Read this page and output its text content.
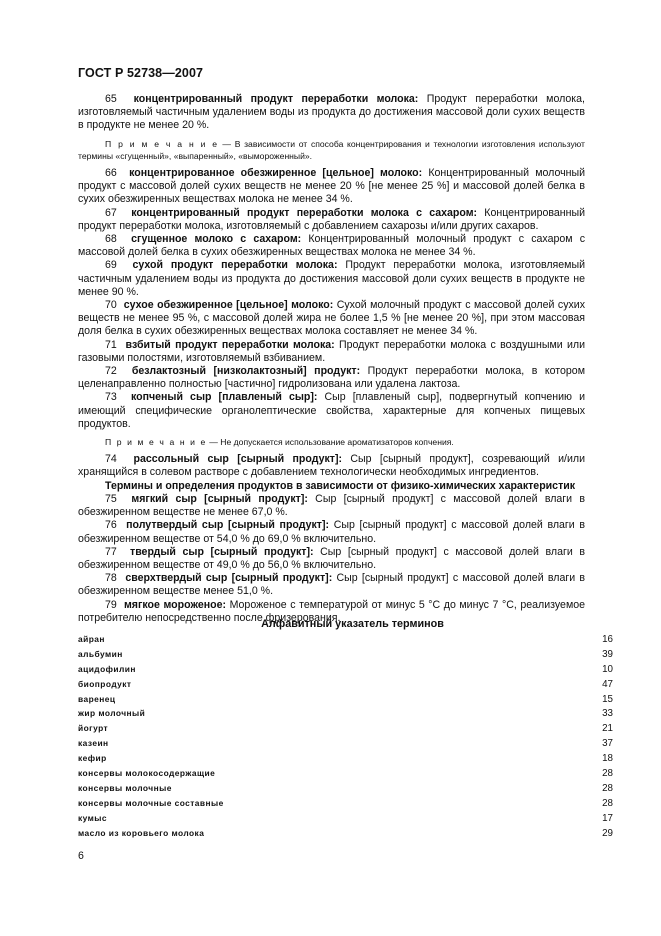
ГОСТ Р 52738—2007

65 концентрированный продукт переработки молока: Продукт переработки молока, изготовляемый частичным удалением воды из продукта до достижения массовой доли сухих веществ в продукте не менее 20 %.

П р и м е ч а н и е — В зависимости от способа концентрирования и технологии изготовления используют термины «сгущенный», «выпаренный», «вымороженный».

66 концентрированное обезжиренное [цельное] молоко: Концентрированный молочный продукт с массовой долей сухих веществ не менее 20 % [не менее 25 %] и массовой долей белка в сухих обезжиренных веществах молока не менее 34 %.

67 концентрированный продукт переработки молока с сахаром: Концентрированный продукт переработки молока, изготовляемый с добавлением сахарозы и/или других сахаров.

68 сгущенное молоко с сахаром: Концентрированный молочный продукт с сахаром с массовой долей белка в сухих обезжиренных веществах молока не менее 34 %.

69 сухой продукт переработки молока: Продукт переработки молока, изготовляемый частичным удалением воды из продукта до достижения массовой доли сухих веществ в продукте не менее 90 %.

70 сухое обезжиренное [цельное] молоко: Сухой молочный продукт с массовой долей сухих веществ не менее 95 %, с массовой долей жира не более 1,5 % [не менее 20 %], при этом массовая доля белка в сухих обезжиренных веществах молока составляет не менее 34 %.

71 взбитый продукт переработки молока: Продукт переработки молока с воздушными или газовыми полостями, изготовляемый взбиванием.

72 безлактозный [низколактозный] продукт: Продукт переработки молока, в котором целенаправленно полностью [частично] гидролизована или удалена лактоза.

73 копченый сыр [плавленый сыр]: Сыр [плавленый сыр], подвергнутый копчению и имеющий специфические органолептические свойства, характерные для копченых пищевых продуктов.

П р и м е ч а н и е — Не допускается использование ароматизаторов копчения.

74 рассольный сыр [сырный продукт]: Сыр [сырный продукт], созревающий и/или хранящийся в солевом растворе с добавлением технологически необходимых ингредиентов.

Термины и определения продуктов в зависимости от физико-химических характеристик

75 мягкий сыр [сырный продукт]: Сыр [сырный продукт] с массовой долей влаги в обезжиренном веществе не менее 67,0 %.

76 полутвердый сыр [сырный продукт]: Сыр [сырный продукт] с массовой долей влаги в обезжиренном веществе от 54,0 % до 69,0 % включительно.

77 твердый сыр [сырный продукт]: Сыр [сырный продукт] с массовой долей влаги в обезжиренном веществе от 49,0 % до 56,0 % включительно.

78 сверхтвердый сыр [сырный продукт]: Сыр [сырный продукт] с массовой долей влаги в обезжиренном веществе менее 51,0 %.

79 мягкое мороженое: Мороженое с температурой от минус 5 °С до минус 7 °С, реализуемое потребителю непосредственно после фризерования.

Алфавитный указатель терминов
айран	16
альбумин	39
ацидофилин	10
биопродукт	47
варенец	15
жир молочный	33
йогурт	21
казеин	37
кефир	18
консервы молокосодержащие	28
консервы молочные	28
консервы молочные составные	28
кумыс	17
масло из коровьего молока	29
6
